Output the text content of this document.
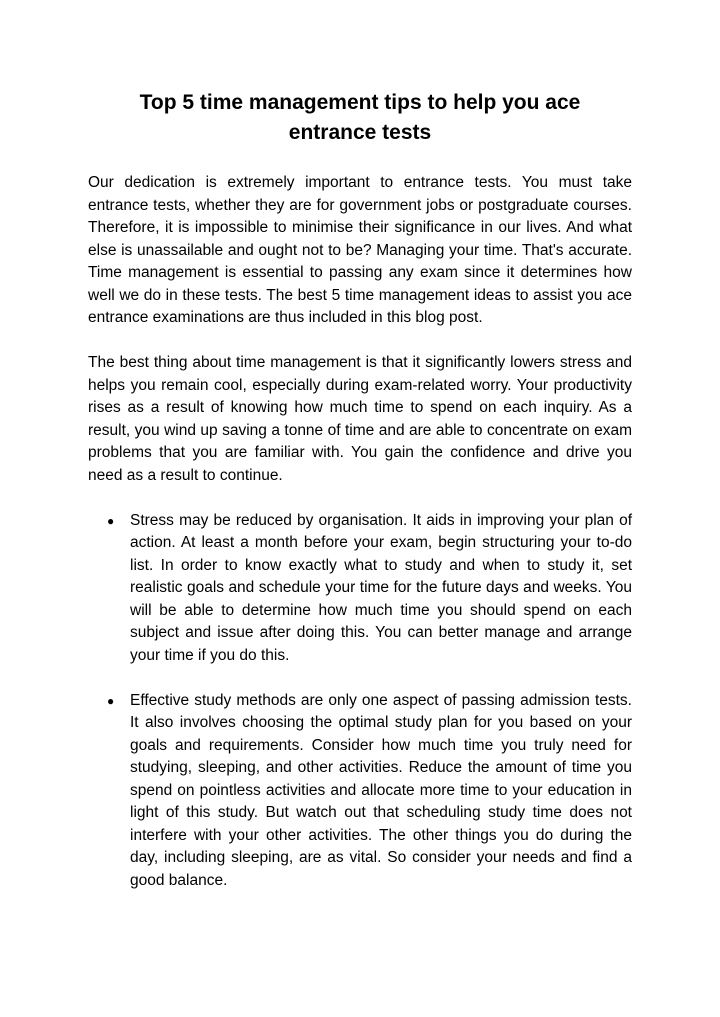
Top 5 time management tips to help you ace entrance tests

Our dedication is extremely important to entrance tests. You must take entrance tests, whether they are for government jobs or postgraduate courses. Therefore, it is impossible to minimise their significance in our lives. And what else is unassailable and ought not to be? Managing your time. That's accurate. Time management is essential to passing any exam since it determines how well we do in these tests. The best 5 time management ideas to assist you ace entrance examinations are thus included in this blog post.

The best thing about time management is that it significantly lowers stress and helps you remain cool, especially during exam-related worry. Your productivity rises as a result of knowing how much time to spend on each inquiry. As a result, you wind up saving a tonne of time and are able to concentrate on exam problems that you are familiar with. You gain the confidence and drive you need as a result to continue.

● Stress may be reduced by organisation. It aids in improving your plan of action. At least a month before your exam, begin structuring your to-do list. In order to know exactly what to study and when to study it, set realistic goals and schedule your time for the future days and weeks. You will be able to determine how much time you should spend on each subject and issue after doing this. You can better manage and arrange your time if you do this.
● Effective study methods are only one aspect of passing admission tests. It also involves choosing the optimal study plan for you based on your goals and requirements. Consider how much time you truly need for studying, sleeping, and other activities. Reduce the amount of time you spend on pointless activities and allocate more time to your education in light of this study. But watch out that scheduling study time does not interfere with your other activities. The other things you do during the day, including sleeping, are as vital. So consider your needs and find a good balance.
